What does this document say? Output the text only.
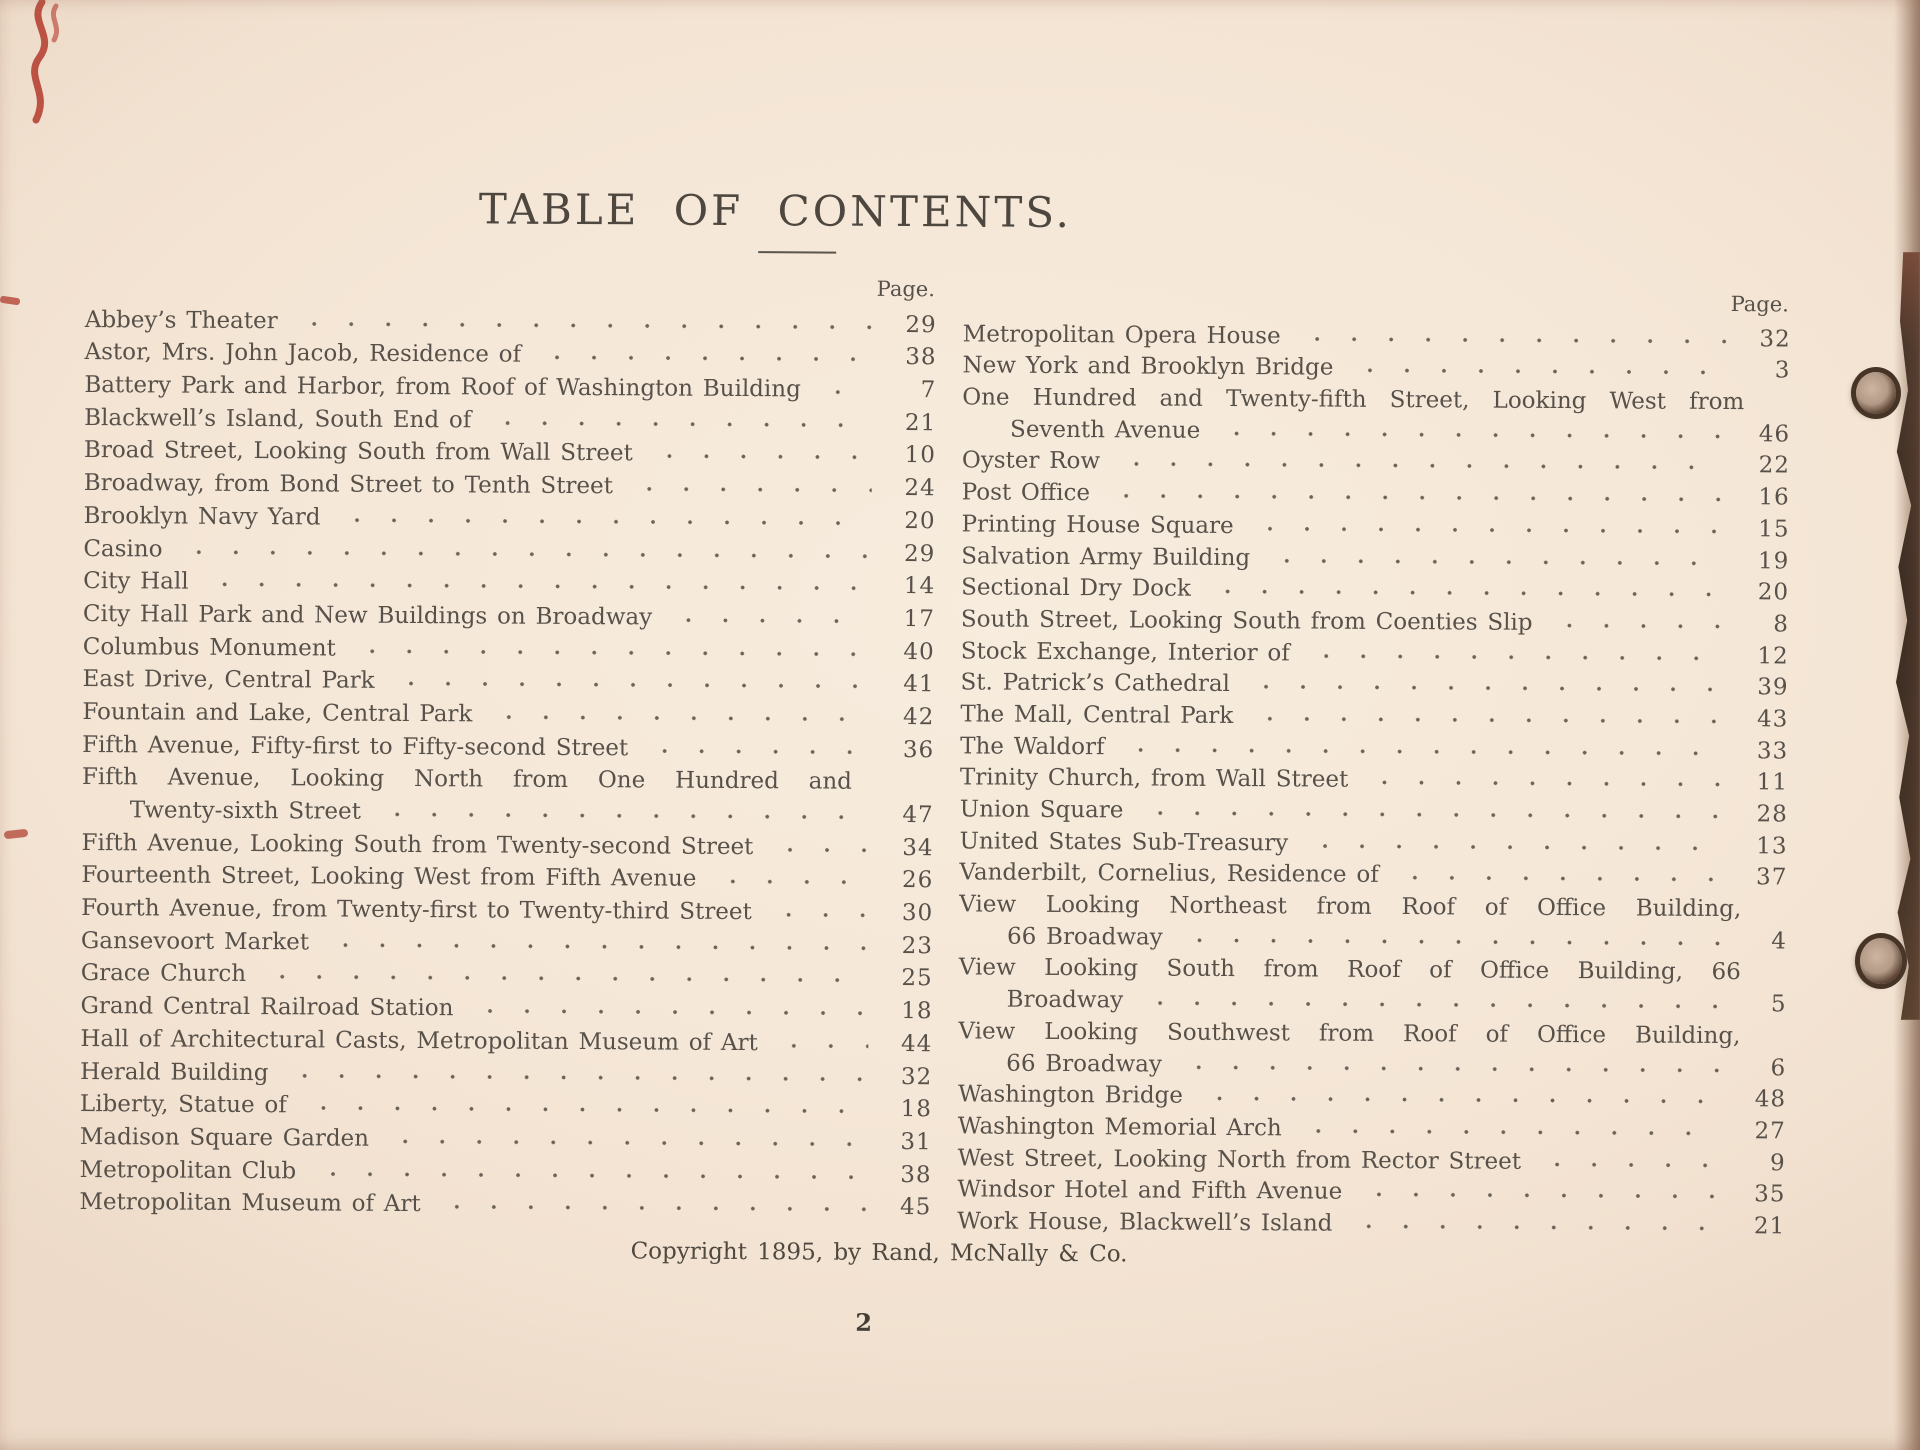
TABLE OF CONTENTS.
Page.
Abbey’s Theater	29
Astor, Mrs. John Jacob, Residence of	38
Battery Park and Harbor, from Roof of Washington Building	7
Blackwell’s Island, South End of	21
Broad Street, Looking South from Wall Street	10
Broadway, from Bond Street to Tenth Street	24
Brooklyn Navy Yard	20
Casino	29
City Hall	14
City Hall Park and New Buildings on Broadway	17
Columbus Monument	40
East Drive, Central Park	41
Fountain and Lake, Central Park	42
Fifth Avenue, Fifty-first to Fifty-second Street	36
Fifth Avenue, Looking North from One Hundred and
Twenty-sixth Street	47
Fifth Avenue, Looking South from Twenty-second Street	34
Fourteenth Street, Looking West from Fifth Avenue	26
Fourth Avenue, from Twenty-first to Twenty-third Street	30
Gansevoort Market	23
Grace Church	25
Grand Central Railroad Station	18
Hall of Architectural Casts, Metropolitan Museum of Art	44
Herald Building	32
Liberty, Statue of	18
Madison Square Garden	31
Metropolitan Club	38
Metropolitan Museum of Art	45
Page.
Metropolitan Opera House	32
New York and Brooklyn Bridge	3
One Hundred and Twenty-fifth Street, Looking West from
Seventh Avenue	46
Oyster Row	22
Post Office	16
Printing House Square	15
Salvation Army Building	19
Sectional Dry Dock	20
South Street, Looking South from Coenties Slip	8
Stock Exchange, Interior of	12
St. Patrick’s Cathedral	39
The Mall, Central Park	43
The Waldorf	33
Trinity Church, from Wall Street	11
Union Square	28
United States Sub-Treasury	13
Vanderbilt, Cornelius, Residence of	37
View Looking Northeast from Roof of Office Building,
66 Broadway	4
View Looking South from Roof of Office Building, 66
Broadway	5
View Looking Southwest from Roof of Office Building,
66 Broadway	6
Washington Bridge	48
Washington Memorial Arch	27
West Street, Looking North from Rector Street	9
Windsor Hotel and Fifth Avenue	35
Work House, Blackwell’s Island	21
Copyright 1895, by Rand, McNally & Co.
2
